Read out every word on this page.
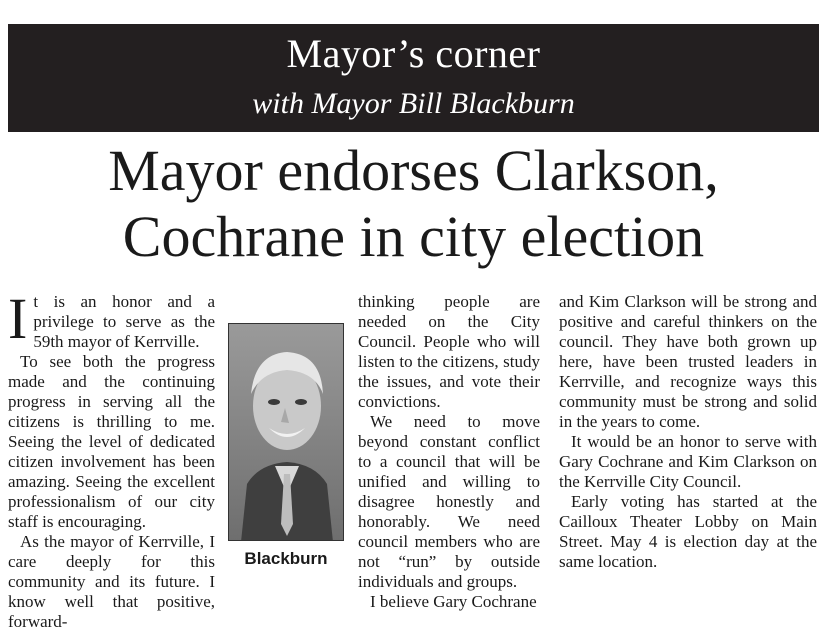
Mayor’s corner
with Mayor Bill Blackburn
Mayor endorses Clarkson,
Cochrane in city election

It is an honor and a privilege to serve as the 59th mayor of Kerrville.

To see both the progress made and the continuing progress in serving all the citizens is thrilling to me. Seeing the level of dedicated citizen involvement has been amazing. Seeing the excellent professionalism of our city staff is encouraging.

As the mayor of Kerrville, I care deeply for this community and its future. I know well that positive, forward-

Blackburn

thinking people are needed on the City Council. People who will listen to the citizens, study the issues, and vote their convictions.

We need to move beyond constant conflict to a council that will be unified and willing to disagree honestly and honorably. We need council members who are not “run” by outside individuals and groups.

I believe Gary Cochrane

and Kim Clarkson will be strong and positive and careful thinkers on the council. They have both grown up here, have been trusted leaders in Kerrville, and recognize ways this community must be strong and solid in the years to come.

It would be an honor to serve with Gary Cochrane and Kim Clarkson on the Kerrville City Council.

Early voting has started at the Cailloux Theater Lobby on Main Street. May 4 is election day at the same location.
